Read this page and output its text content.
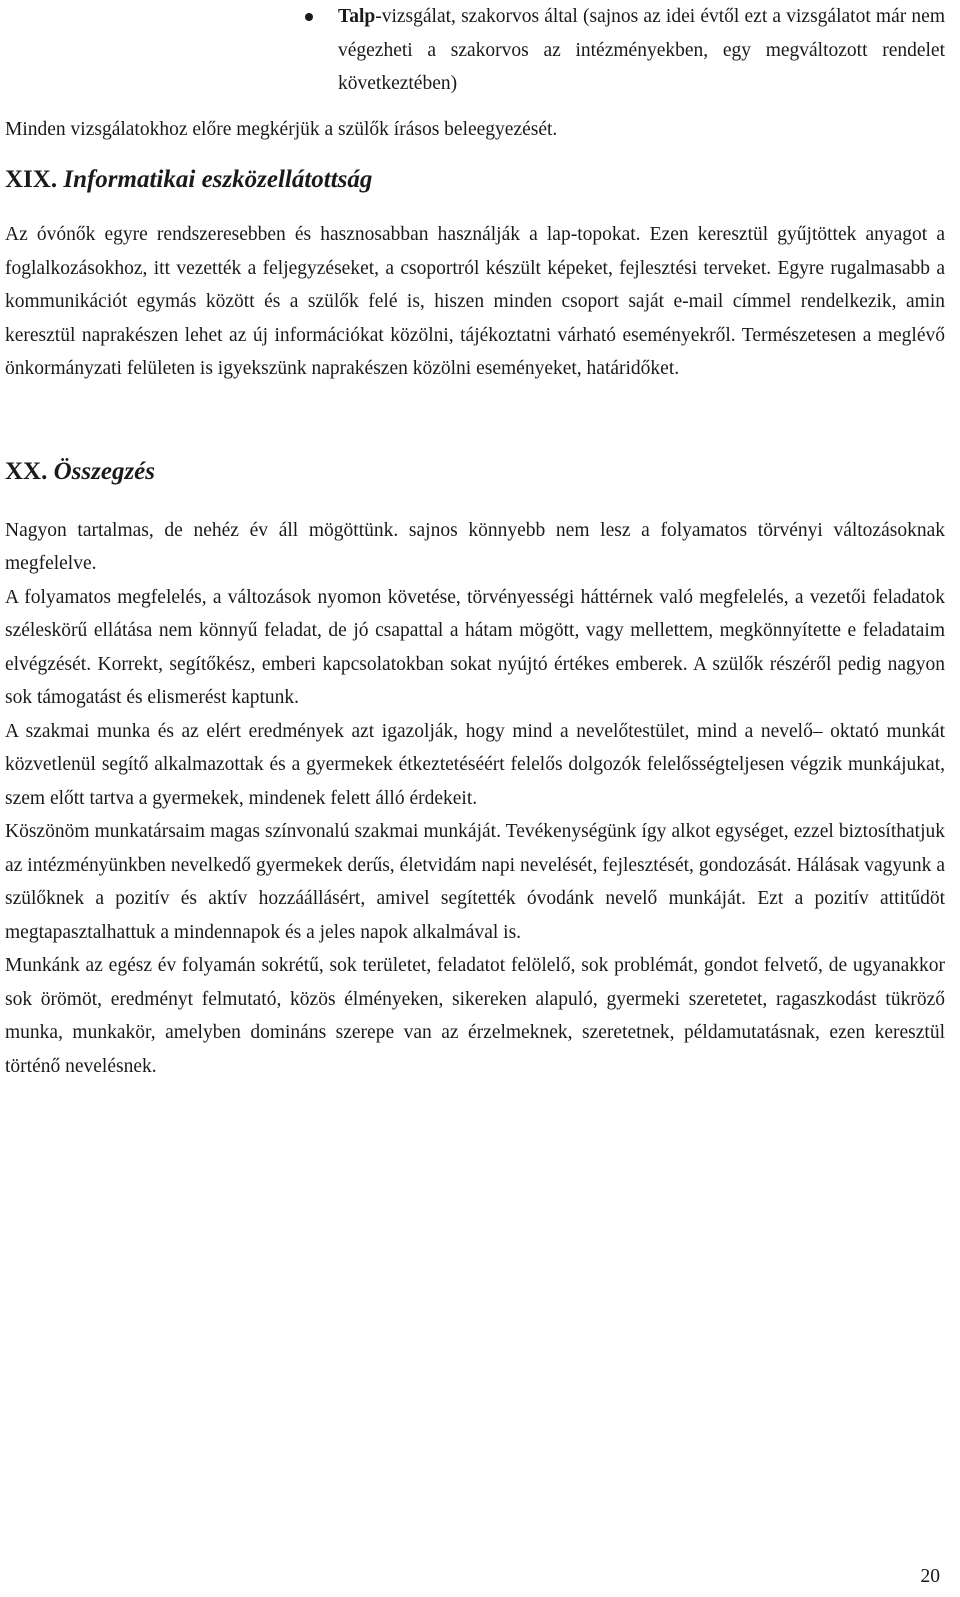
Talp-vizsgálat, szakorvos által (sajnos az idei évtől ezt a vizsgálatot már nem végezheti a szakorvos az intézményekben, egy megváltozott rendelet következtében)

Minden vizsgálatokhoz előre megkérjük a szülők írásos beleegyezését.

XIX. Informatikai eszközellátottság

Az óvónők egyre rendszeresebben és hasznosabban használják a lap-topokat. Ezen keresztül gyűjtöttek anyagot a foglalkozásokhoz, itt vezették a feljegyzéseket, a csoportról készült képeket, fejlesztési terveket. Egyre rugalmasabb a kommunikációt egymás között és a szülők felé is, hiszen minden csoport saját e-mail címmel rendelkezik, amin keresztül naprakészen lehet az új információkat közölni, tájékoztatni várható eseményekről. Természetesen a meglévő önkormányzati felületen is igyekszünk naprakészen közölni eseményeket, határidőket.

XX. Összegzés

Nagyon tartalmas, de nehéz év áll mögöttünk. sajnos könnyebb nem lesz a folyamatos törvényi változásoknak megfelelve.

A folyamatos megfelelés, a változások nyomon követése, törvényességi háttérnek való megfelelés, a vezetői feladatok széleskörű ellátása nem könnyű feladat, de jó csapattal a hátam mögött, vagy mellettem, megkönnyítette e feladataim elvégzését. Korrekt, segítőkész, emberi kapcsolatokban sokat nyújtó értékes emberek. A szülők részéről pedig nagyon sok támogatást és elismerést kaptunk.

A szakmai munka és az elért eredmények azt igazolják, hogy mind a nevelőtestület, mind a nevelő– oktató munkát közvetlenül segítő alkalmazottak és a gyermekek étkeztetéséért felelős dolgozók felelősségteljesen végzik munkájukat, szem előtt tartva a gyermekek, mindenek felett álló érdekeit.

Köszönöm munkatársaim magas színvonalú szakmai munkáját. Tevékenységünk így alkot egységet, ezzel biztosíthatjuk az intézményünkben nevelkedő gyermekek derűs, életvidám napi nevelését, fejlesztését, gondozását. Hálásak vagyunk a szülőknek a pozitív és aktív hozzáállásért, amivel segítették óvodánk nevelő munkáját. Ezt a pozitív attitűdöt megtapasztalhattuk a mindennapok és a jeles napok alkalmával is.

Munkánk az egész év folyamán sokrétű, sok területet, feladatot felölelő, sok problémát, gondot felvető, de ugyanakkor sok örömöt, eredményt felmutató, közös élményeken, sikereken alapuló, gyermeki szeretetet, ragaszkodást tükröző munka, munkakör, amelyben domináns szerepe van az érzelmeknek, szeretetnek, példamutatásnak, ezen keresztül történő nevelésnek.

20
